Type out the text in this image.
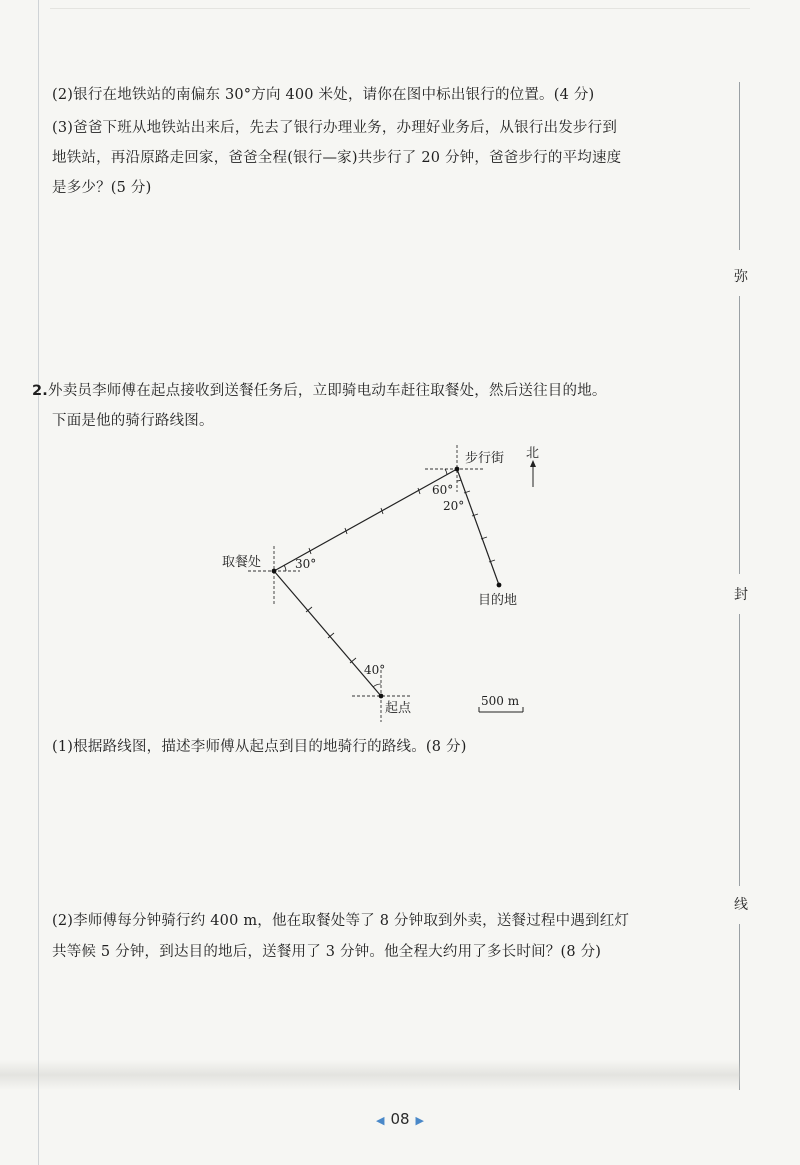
(2)银行在地铁站的南偏东 30°方向 400 米处，请你在图中标出银行的位置。(4 分)
(3)爸爸下班从地铁站出来后，先去了银行办理业务，办理好业务后，从银行出发步行到
地铁站，再沿原路走回家，爸爸全程(银行—家)共步行了 20 分钟，爸爸步行的平均速度
是多少？(5 分)
2.外卖员李师傅在起点接收到送餐任务后，立即骑电动车赶往取餐处，然后送往目的地。
下面是他的骑行路线图。
步行街 北
取餐处
目的地
起点	500 m
60°
20°
30°
40°
(1)根据路线图，描述李师傅从起点到目的地骑行的路线。(8 分)
(2)李师傅每分钟骑行约 400 m，他在取餐处等了 8 分钟取到外卖，送餐过程中遇到红灯
共等候 5 分钟，到达目的地后，送餐用了 3 分钟。他全程大约用了多长时间？(8 分)
弥
封
线
◀ 08 ▶
